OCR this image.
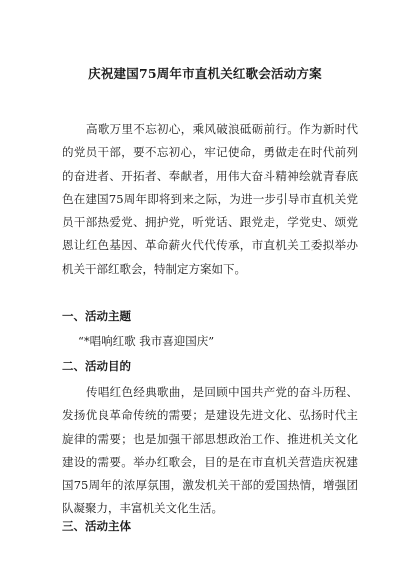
庆祝建国75周年市直机关红歌会活动方案

高歌万里不忘初心，乘风破浪砥砺前行。作为新时代的党员干部，要不忘初心，牢记使命，勇做走在时代前列的奋进者、开拓者、奉献者，用伟大奋斗精神绘就青春底色在建国75周年即将到来之际，为进一步引导市直机关党员干部热爱党、拥护党，听党话、跟党走，学党史、颂党恩让红色基因、革命薪火代代传承，市直机关工委拟举办机关干部红歌会，特制定方案如下。

一、活动主题

“*唱响红歌 我市喜迎国庆”

二、活动目的

传唱红色经典歌曲，是回顾中国共产党的奋斗历程、发扬优良革命传统的需要；是建设先进文化、弘扬时代主旋律的需要；也是加强干部思想政治工作、推进机关文化建设的需要。举办红歌会，目的是在市直机关营造庆祝建国75周年的浓厚氛围，激发机关干部的爱国热情，增强团队凝聚力，丰富机关文化生活。

三、活动主体
